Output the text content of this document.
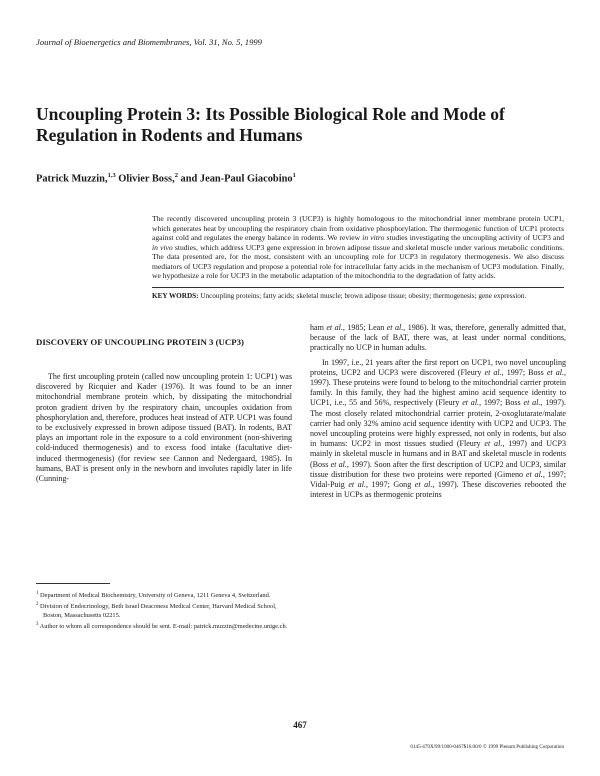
Journal of Bioenergetics and Biomembranes, Vol. 31, No. 5, 1999
Uncoupling Protein 3: Its Possible Biological Role and Mode of Regulation in Rodents and Humans
Patrick Muzzin,$^{1,3}$ Olivier Boss,$^2$ and Jean-Paul Giacobino$^1$

The recently discovered uncoupling protein 3 (UCP3) is highly homologous to the mitochondrial inner membrane protein UCP1, which generates heat by uncoupling the respiratory chain from oxidative phosphorylation. The thermogenic function of UCP1 protects against cold and regulates the energy balance in rodents. We review in vitro studies investigating the uncoupling activity of UCP3 and in vivo studies, which address UCP3 gene expression in brown adipose tissue and skeletal muscle under various metabolic conditions. The data presented are, for the most, consistent with an uncoupling role for UCP3 in regulatory thermogenesis. We also discuss mediators of UCP3 regulation and propose a potential role for intracellular fatty acids in the mechanism of UCP3 modulation. Finally, we hypothesize a role for UCP3 in the metabolic adaptation of the mitochondria to the degradation of fatty acids.

KEY WORDS: Uncoupling proteins; fatty acids; skeletal muscle; brown adipose tissue; obesity; thermogenesis; gene expression.
DISCOVERY OF UNCOUPLING PROTEIN 3 (UCP3)

The first uncoupling protein (called now uncoupling protein 1: UCP1) was discovered by Ricquier and Kader (1976). It was found to be an inner mitochondrial membrane protein which, by dissipating the mitochondrial proton gradient driven by the respiratory chain, uncouples oxidation from phosphorylation and, therefore, produces heat instead of ATP. UCP1 was found to be exclusively expressed in brown adipose tissued (BAT). In rodents, BAT plays an important role in the exposure to a cold environment (non-shivering cold-induced thermogenesis) and to excess food intake (facultative diet-induced thermogenesis) (for review see Cannon and Nedergaard, 1985). In humans, BAT is present only in the newborn and involutes rapidly later in life (Cunning-

$^1$ Department of Medical Biochemistry, University of Geneva, 1211 Geneva 4, Switzerland.

$^2$ Division of Endocrinology, Beth Israel Deaconess Medical Center, Harvard Medical School, Boston, Massachusetts 02215.

$^3$ Author to whom all correspondence should be sent. E-mail: patrick.muzzin@medecine.unige.ch.

ham et al., 1985; Lean et al., 1986). It was, therefore, generally admitted that, because of the lack of BAT, there was, at least under normal conditions, practically no UCP in human adults.

In 1997, i.e., 21 years after the first report on UCP1, two novel uncoupling proteins, UCP2 and UCP3 were discovered (Fleury et al., 1997; Boss et al., 1997). These proteins were found to belong to the mitochondrial carrier protein family. In this family, they had the highest amino acid sequence identity to UCP1, i.e., 55 and 56%, respectively (Fleury et al., 1997; Boss et al., 1997). The most closely related mitochondrial carrier protein, 2-oxoglutarate/malate carrier had only 32% amino acid sequence identity with UCP2 and UCP3. The novel uncoupling proteins were highly expressed, not only in rodents, but also in humans: UCP2 in most tissues studied (Fleury et al., 1997) and UCP3 mainly in skeletal muscle in humans and in BAT and skeletal muscle in rodents (Boss et al., 1997). Soon after the first description of UCP2 and UCP3, similar tissue distribution for these two proteins were reported (Gimeno et al., 1997; Vidal-Puig et al., 1997; Gong et al., 1997). These discoveries rebooted the interest in UCPs as thermogenic proteins

467
0145-479X/99/1000-0467$16.00/0 © 1999 Plenum Publishing Corporation
